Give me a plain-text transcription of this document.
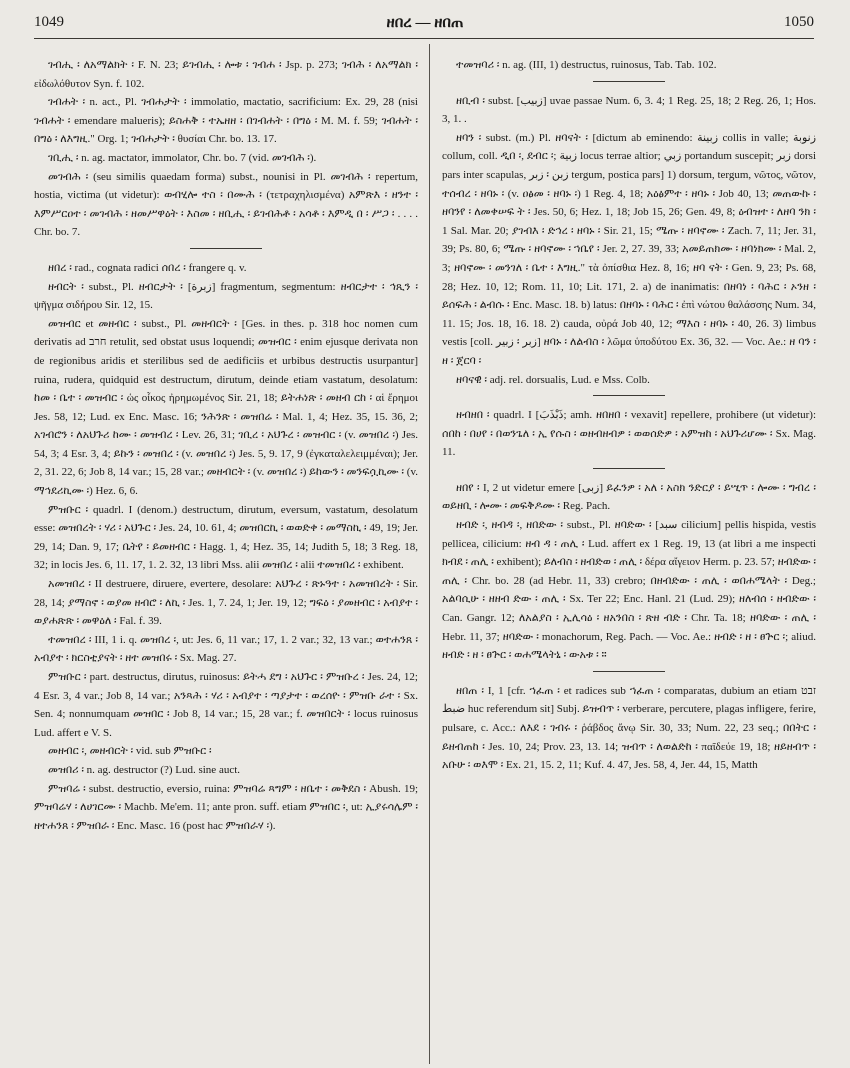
1049	ዘበረ — ዘበጠ	1050

ገብሒ ፡ ለአማልክት ፡ F. N. 23; ይገብሒ ፡ ሎቱ ፡ ገብሐ ፡ Jsp. p. 273; ገብሕ ፡ ለአማልክ ፡ εἰδωλόθυτον Syn. f. 102.

ገብሐት ፡ n. act., Pl. ገብሐታት ፡ immolatio, mactatio, sacrificium: Ex. 29, 28 (nisi ገብሐት ፡ emendare malueris); ይስሐቅ ፡ ተኤዘዘ ፡ በገብሐት ፡ በግዕ ፡ M. M. f. 59; ገብሐት ፡ በግዕ ፡ ለእግዚ." Org. 1; ገብሐታት ፡ θυσίαι Chr. bo. 13. 17.

ገቢሒ ፡ n. ag. mactator, immolator, Chr. bo. 7 (vid. መገብሕ ፡).

መገብሕ ፡ (seu similis quaedam forma) subst., nounisi in Pl. መገብሕ ፡ repertum, hostia, victima (ut videtur): ወብሂሎ ተስ ፡ በሙሕ ፡ (τετραχηλισμένα) አምጽእ ፡ ዘንተ ፡ እምሥርዐተ ፡ መገብሕ ፡ ዘመሥዋዕት ፡ እስመ ፡ ዘቢሒ ፡ ይገብሕቶ ፡ አሳቶ ፡ እምዲ በ ፡ ሥጋ ፡ . . . . Chr. bo. 7.

ዘበረ ፡ rad., cognata radici ሰበረ ፡ frangere q. v.

ዘብርት ፡ subst., Pl. ዘብርታት ፡ [زبرة] fragmentum, segmentum: ዘብርታተ ፡ ኅጺን ፡ ψῆγμα σιδήρου Sir. 12, 15.

መዝብር et መዘብር ፡ subst., Pl. መዘብርት ፡ [Ges. in thes. p. 318 hoc nomen cum derivatis ad חרב retulit, sed obstat usus loquendi; መዝብር ፡ enim ejusque derivata non de regionibus aridis et sterilibus sed de aedificiis et urbibus destructis usurpantur] ruina, rudera, quidquid est destructum, dirutum, deinde etiam vastatum, desolatum: ከመ ፡ ቤተ ፡ መዝብር ፡ ὡς οἶκος ἠρημωμένος Sir. 21, 18; ይትሐነጽ ፡ መዘብ ርከ ፡ αἱ ἔρημοι Jes. 58, 12; Lud. ex Enc. Masc. 16; ንሕንጽ ፡ መዝበሬ ፡ Mal. 1, 4; Hez. 35, 15. 36, 2; አገብሮን ፡ ለአህጉሪ ከሙ ፡ መዝብረ ፡ Lev. 26, 31; ገቢረ ፡ አህጉረ ፡ መዝብር ፡ (v. መዝበረ ፡) Jes. 54, 3; 4 Esr. 3, 4; ይኩን ፡ መዝበረ ፡ (v. መዝበረ ፡) Jes. 5, 9. 17, 9 (ἐγκαταλελειμμέναι); Jer. 2, 31. 22, 6; Job 8, 14 var.; 15, 28 var.; መዘብርት ፡ (v. መዝበረ ፡) ይከውን ፡ መንፍሷኪሙ ፡ (v. ማኅደሪኪሙ ፡) Hez. 6, 6.

ምዝቡር ፡ quadrl. I (denom.) destructum, dirutum, eversum, vastatum, desolatum esse: መዝበረት ፡ ሃሪ ፡ አህጉር ፡ Jes. 24, 10. 61, 4; መዝበርኪ ፡ ወወድቀ ፡ መማስኪ ፡ 49, 19; Jer. 29, 14; Dan. 9, 17; ቤትየ ፡ ይመዘብር ፡ Hagg. 1, 4; Hez. 35, 14; Judith 5, 18; 3 Reg. 18, 32; in locis Jes. 6, 11. 17, 1. 2. 32, 13 libri Mss. alii መዝበረ ፡ alii ተመዝበረ ፡ exhibent.

አመዝበረ ፡ II destruere, diruere, evertere, desolare: አህጉረ ፡ ጽኑዓተ ፡ አመዝበረት ፡ Sir. 28, 14; ያማስኖ ፡ ወያመ ዘብሮ ፡ ለኪ ፡ Jes. 1, 7. 24, 1; Jer. 19, 12; ግፍዕ ፡ ያመዘብር ፡ አብያተ ፡ ወያሐጽጽ ፡ መዋዕለ ፡ Fal. f. 39.

ተመዝበረ ፡ III, 1 i. q. መዝበረ ፡, ut: Jes. 6, 11 var.; 17, 1. 2 var.; 32, 13 var.; ወተሐንጸ ፡ አብያተ ፡ ክርስቲያናት ፡ ዘተ መዝበሩ ፡ Sx. Mag. 27.

ምዝቡር ፡ part. destructus, dirutus, ruinosus: ይትሓ ደግ ፡ አህጉር ፡ ምዝቡረ ፡ Jes. 24, 12; 4 Esr. 3, 4 var.; Job 8, 14 var.; አንጻሕ ፡ ሃሪ ፡ አብያተ ፡ ጣያታተ ፡ ወረሰዮ ፡ ምዝቡ ራተ ፡ Sx. Sen. 4; nonnumquam መዝበር ፡ Job 8, 14 var.; 15, 28 var.; f. መዝበርት ፡ locus ruinosus Lud. affert e V. S.

መዘብር ፡, መዘብርት ፡ vid. sub ምዝቡር ፡

መዝበሪ ፡ n. ag. destructor (?) Lud. sine auct.

ምዝባሬ ፡ subst. destructio, eversio, ruina: ምዝባሬ ጻግም ፡ ዘቤተ ፡ መቅደስ ፡ Abush. 19; ምዝባሬሃ ፡ ለሀገርሙ ፡ Machb. Me'em. 11; ante pron. suff. etiam ምዝበር ፡, ut: ኢያሩሳሌም ፡ ዘተሐንጸ ፡ ምዝበራ ፡ Enc. Masc. 16 (post hac ምዝበራሃ ፡).

ተመዝባሪ ፡ n. ag. (III, 1) destructus, ruinosus, Tab. Tab. 102.

ዘቢብ ፡ subst. [زبيب] uvae passae Num. 6, 3. 4; 1 Reg. 25, 18; 2 Reg. 26, 1; Hos. 3, 1. .

ዘባን ፡ subst. (m.) Pl. ዘባናት ፡ [dictum ab eminendo: زبينة collis in valle; زنوبة collum, coll. ዲበ ፡, ደብር ፡; زبية locus terrae altior; زبي portandum suscepit; زبر dorsi pars inter scapulas, زبر ፡ زبن tergum, postica pars] 1) dorsum, tergum, νῶτος, νῶτον, ተሰብረ ፡ ዘባኑ ፡ (v. ዐፅመ ፡ ዘባኑ ፡) 1 Reg. 4, 18; አዕፅምተ ፡ ዘባኑ ፡ Job 40, 13; መጠውኩ ፡ ዘባንየ ፡ ለመቀሠፍ ት ፡ Jes. 50, 6; Hez. 1, 18; Job 15, 26; Gen. 49, 8; ዕብዝተ ፡ ለዘባ ንክ ፡ 1 Sal. Mar. 20; ያገብእ ፡ ድኅረ ፡ ዘባኑ ፡ Sir. 21, 15; ሜጡ ፡ ዘባኖሙ ፡ Zach. 7, 11; Jer. 31, 39; Ps. 80, 6; ሜጡ ፡ ዘባኖሙ ፡ ኀቤየ ፡ Jer. 2, 27. 39, 33; አመይጠክሙ ፡ ዘባነክሙ ፡ Mal. 2, 3; ዘባኖሙ ፡ መንገለ ፡ ቤተ ፡ እግዚ." τὰ ὀπίσθια Hez. 8, 16; ዘባ ናት ፡ Gen. 9, 23; Ps. 68, 28; Hez. 10, 12; Rom. 11, 10; Lit. 171, 2. a) de inanimatis: በዘባነ ፡ ባሕር ፡ ኦንዘ ፡ ይሰፍሕ ፡ ልብሱ ፡ Enc. Masc. 18. b) latus: በዘባኑ ፡ ባሕር ፡ ἐπὶ νώτου θαλάσσης Num. 34, 11. 15; Jos. 18, 16. 18. 2) cauda, οὐρά Job 40, 12; ማእስ ፡ ዘባኑ ፡ 40, 26. 3) limbus vestis [coll. زبير ፡ زبر] ዘባኑ ፡ ለልብስ ፡ λῶμα ὑποδύτου Ex. 36, 32. — Voc. Ae.: ዘ ባን ፡ ዘ ፡ ጀርባ ፡

ዘባናዊ ፡ adj. rel. dorsualis, Lud. e Mss. Colb.

ዘብዘበ ፡ quadrl. I [ذَبْذَبَ; amh. ዘበዘበ ፡ vexavit] repellere, prohibere (ut videtur): ሰበከ ፡ በሀየ ፡ በወንጌለ ፡ ኢ የሱስ ፡ ወዘብዘብዎ ፡ ወወሰድዎ ፡ አምዝከ ፡ አህጉሪሆሙ ፡ Sx. Mag. 11.

ዘበየ ፡ I, 2 ut videtur emere [زبى] ይፈንዎ ፡ አለ ፡ አስክ ንድርያ ፡ ይሢጥ ፡ ሎሙ ፡ ግብረ ፡ ወይዘቢ ፡ ሎሙ ፡ መፍቅዶሙ ፡ Reg. Pach.

ዘብድ ፡, ዘብዳ ፡, ዘበድው ፡ subst., Pl. ዘባድው ፡ [سبد cilicium] pellis hispida, vestis pellicea, cilicium: ዘብ ዳ ፡ ጠሊ ፡ Lud. affert ex 1 Reg. 19, 13 (at libri a me inspecti ክብደ ፡ ጠሊ ፡ exhibent); ይለብስ ፡ ዘብድወ ፡ ጠሊ ፡ δέρα αἴγειον Herm. p. 23. 57; ዘብድው ፡ ጠሊ ፡ Chr. bo. 28 (ad Hebr. 11, 33) crebro; በዘብድው ፡ ጠሊ ፡ ወበሐሜላት ፡ Deg.; አልባሲሁ ፡ ዘዘብ ድው ፡ ጠሊ ፡ Sx. Ter 22; Enc. Hanl. 21 (Lud. 29); ዘለብሰ ፡ ዘብድው ፡ Can. Gangr. 12; ለአልያስ ፡ ኢሊሳዕ ፡ ዘአንበስ ፡ ጽዘ ብድ ፡ Chr. Ta. 18; ዘባድው ፡ ጠሊ ፡ Hebr. 11, 37; ዘባድው ፡ monachorum, Reg. Pach. — Voc. Ae.: ዘብድ ፡ ዘ ፡ ፀጕር ፡; aliud. ዘብድ ፡ ዘ ፡ ፀጕር ፡ ወሐሜላትኒ ፡ ውአቱ ፡ ።

ዘበጠ ፡ I, 1 [cfr. ኀፈጠ ፡ et radices sub ኀፈጠ ፡ comparatas, dubium an etiam זבט ضبط huc referendum sit] Subj. ይዝብጥ ፡ verberare, percutere, plagas infligere, ferire, pulsare, c. Acc.: ለእደ ፡ ገብሩ ፡ ῥάβδος ἄνῳ Sir. 30, 33; Num. 22, 23 seq.; በበትር ፡ ይዘብጠከ ፡ Jes. 10, 24; Prov. 23, 13. 14; ዝብጥ ፡ ለወልድከ ፡ παῖδεύε 19, 18; ዘይዘብጥ ፡ አቡሁ ፡ ወእሞ ፡ Ex. 21, 15. 2, 11; Kuf. 4. 47, Jes. 58, 4, Jer. 44, 15, Matth
